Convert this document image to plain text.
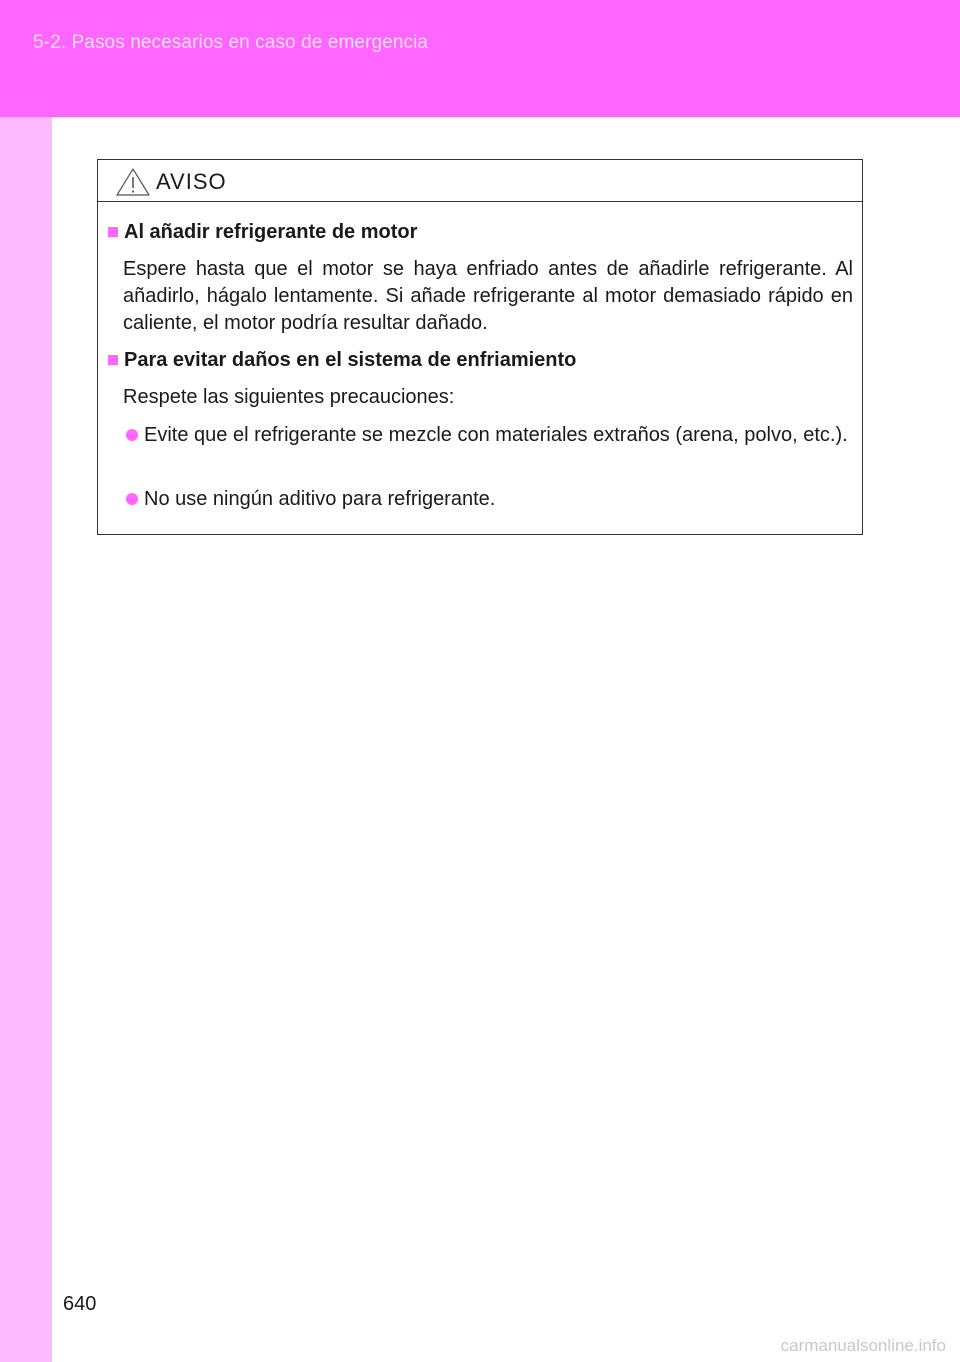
5-2. Pasos necesarios en caso de emergencia
AVISO
Al añadir refrigerante de motor
Espere hasta que el motor se haya enfriado antes de añadirle refrigerante. Al añadirlo, hágalo lentamente. Si añade refrigerante al motor demasiado rápido en caliente, el motor podría resultar dañado.
Para evitar daños en el sistema de enfriamiento
Respete las siguientes precauciones:
Evite que el refrigerante se mezcle con materiales extraños (arena, polvo, etc.).
No use ningún aditivo para refrigerante.
640
carmanualsonline.info
